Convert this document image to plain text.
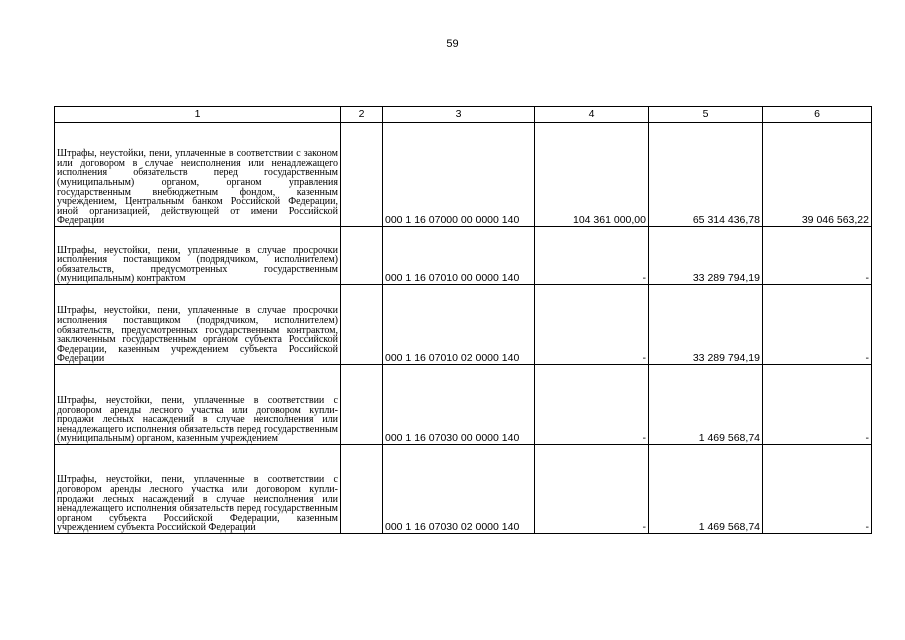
59
1	2	3	4	5	6
Штрафы, неустойки, пени, уплаченные в соответствии с законом или договором в случае неисполнения или ненадлежащего исполнения обязательств перед государственным (муниципальным) органом, органом управления государственным внебюджетным фондом, казенным учреждением, Центральным банком Российской Федерации, иной организацией, действующей от имени Российской Федерации		000 1 16 07000 00 0000 140	104 361 000,00	65 314 436,78	39 046 563,22
Штрафы, неустойки, пени, уплаченные в случае просрочки исполнения поставщиком (подрядчиком, исполнителем) обязательств, предусмотренных государственным (муниципальным) контрактом		000 1 16 07010 00 0000 140	-	33 289 794,19	-
Штрафы, неустойки, пени, уплаченные в случае просрочки исполнения поставщиком (подрядчиком, исполнителем) обязательств, предусмотренных государственным контрактом, заключенным государственным органом субъекта Российской Федерации, казенным учреждением субъекта Российской Федерации		000 1 16 07010 02 0000 140	-	33 289 794,19	-
Штрафы, неустойки, пени, уплаченные в соответствии с договором аренды лесного участка или договором купли-продажи лесных насаждений в случае неисполнения или ненадлежащего исполнения обязательств перед государственным (муниципальным) органом, казенным учреждением		000 1 16 07030 00 0000 140	-	1 469 568,74	-
Штрафы, неустойки, пени, уплаченные в соответствии с договором аренды лесного участка или договором купли-продажи лесных насаждений в случае неисполнения или ненадлежащего исполнения обязательств перед государственным органом субъекта Российской Федерации, казенным учреждением субъекта Российской Федерации		000 1 16 07030 02 0000 140	-	1 469 568,74	-
